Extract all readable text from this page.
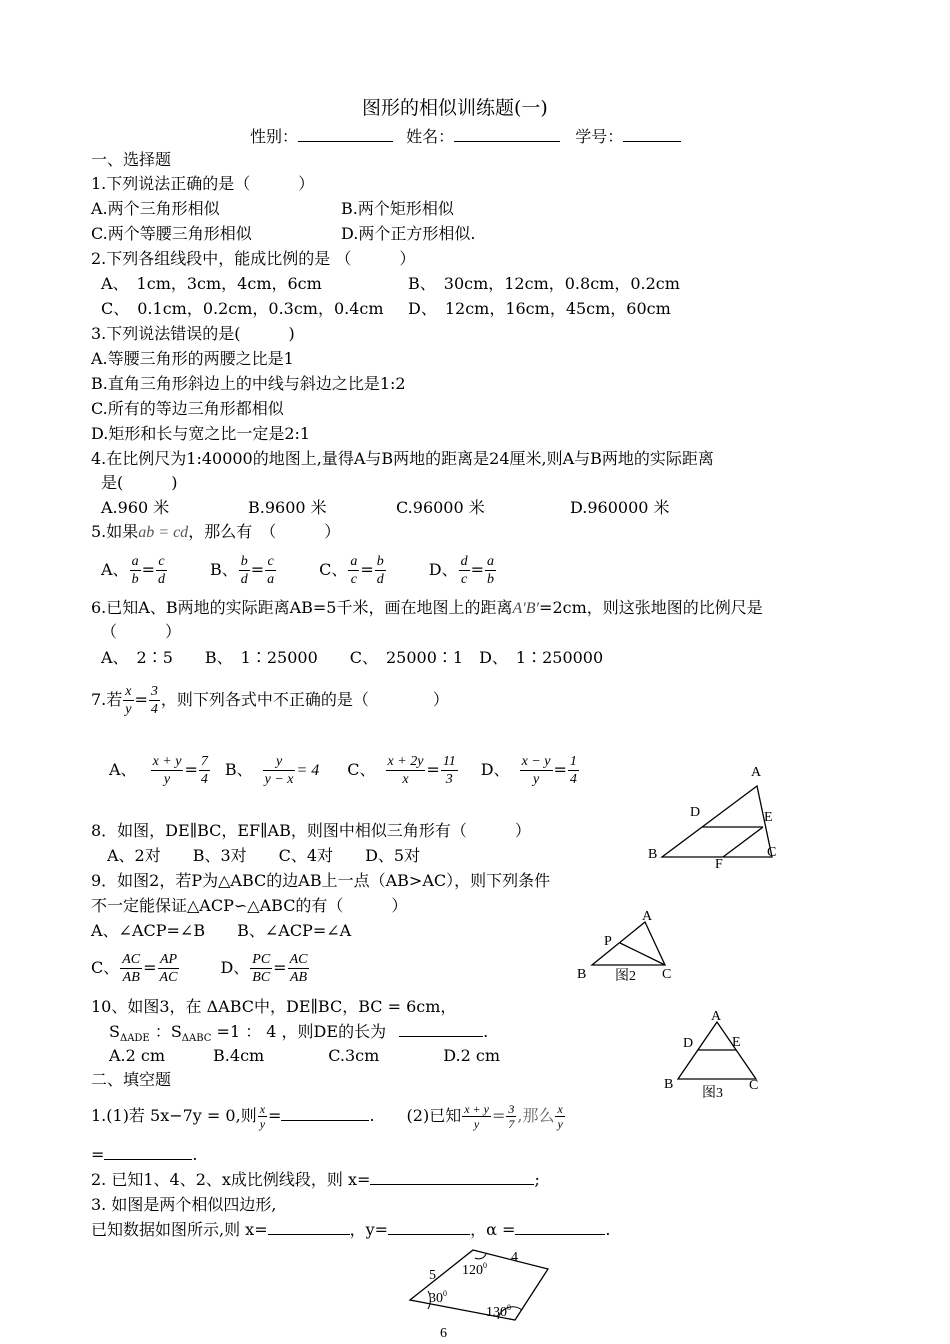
图形的相似训练题(一)
性别：	姓名：	学号：
一、选择题
1.下列说法正确的是（　　　）
A.两个三角形相似	B.两个矩形相似
C.两个等腰三角形相似	D.两个正方形相似.
2.下列各组线段中，能成比例的是 （　　　）
A、　1cm，3cm，4cm，6cm	B、　30cm，12cm，0.8cm，0.2cm
C、　0.1cm，0.2cm，0.3cm，0.4cm D、　12cm，16cm，45cm，60cm
3.下列说法错误的是(　　　)
A.等腰三角形的两腰之比是1
B.直角三角形斜边上的中线与斜边之比是1:2
C.所有的等边三角形都相似
D.矩形和长与宽之比一定是2:1
4.在比例尺为1:40000的地图上,量得A与B两地的距离是24厘米,则A与B两地的实际距离
是(　　　)
A.960 米	B.9600 米	C.96000 米	D.960000 米
5.如果ab = cd，那么有　（　　　）
A、 $\frac{a}{b} = \frac{c}{d}$	B、 $\frac{b}{d} = \frac{c}{a}$	C、 $\frac{a}{c} = \frac{b}{d}$	D、 $\frac{d}{c} = \frac{a}{b}$
6.已知A、B两地的实际距离AB=5千米，画在地图上的距离A′B′=2cm，则这张地图的比例尺是
（　　　）
A、　2∶5　　B、　1∶25000　　C、　25000∶1　D、　1∶250000
7.若 $\frac{x}{y} = \frac{3}{4}$ ，则下列各式中不正确的是（　　　　）
A、 $\frac{x + y}{y} = \frac{7}{4}$ B、 $\frac{y}{y - x} = 4$ C、 $\frac{x + 2y}{x} = \frac{11}{3}$ D、 $\frac{x - y}{y} = \frac{1}{4}$
8．如图，DE∥BC，EF∥AB，则图中相似三角形有（　　　）
A、2对　　B、3对　　C、4对　　D、5对
A
D	E
B
F
C
9．如图2，若P为△ABC的边AB上一点（AB>AC），则下列条件
不一定能保证△ACP∽△ABC的有（　　　）
A、∠ACP=∠B　　B、∠ACP=∠A
C、 $\frac{AC}{AB} = \frac{AP}{AC}$	D、 $\frac{PC}{BC} = \frac{AC}{AB}$
A
P
B	C
图2
10、如图3，在 ΔABC中，DE∥BC，BC = 6cm，
$S_{\Delta ADE}$ ：$S_{\Delta ABC} =1$ ： 4 ，则DE的长为	.
A.2 cm　　　B.4cm　　　　C.3cm　　　　D.2 cm
A
D	E
B	C
图3
二、填空题
1.(1)若 5x−7y = 0,则 $\frac{x}{y}$ =	.　　(2)已知 $\frac{x + y}{y} = \frac{3}{7}$ ,那么 $\frac{x}{y}$
=	.
2. 已知1、4、2、x成比例线段，则 x=	;
3. 如图是两个相似四边形,
已知数据如图所示,则 x=	，y=	，α =	.
4
5
6
$120^0$
$30^0$
$130^0$
